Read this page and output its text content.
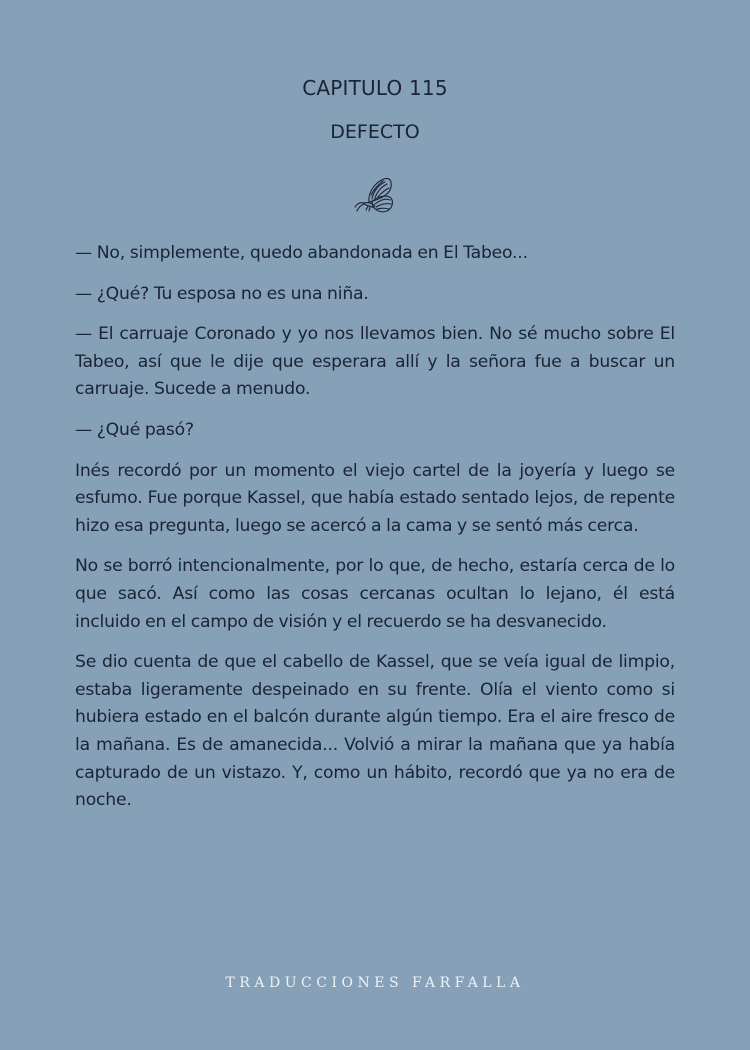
CAPITULO 115
DEFECTO

— No, simplemente, quedo abandonada en El Tabeo...

— ¿Qué? Tu esposa no es una niña.

— El carruaje Coronado y yo nos llevamos bien. No sé mucho sobre El Tabeo, así que le dije que esperara allí y la señora fue a buscar un carruaje. Sucede a menudo.

— ¿Qué pasó?

Inés recordó por un momento el viejo cartel de la joyería y luego se esfumo. Fue porque Kassel, que había estado sentado lejos, de repente hizo esa pregunta, luego se acercó a la cama y se sentó más cerca.

No se borró intencionalmente, por lo que, de hecho, estaría cerca de lo que sacó. Así como las cosas cercanas ocultan lo lejano, él está incluido en el campo de visión y el recuerdo se ha desvanecido.

Se dio cuenta de que el cabello de Kassel, que se veía igual de limpio, estaba ligeramente despeinado en su frente. Olía el viento como si hubiera estado en el balcón durante algún tiempo. Era el aire fresco de la mañana. Es de amanecida... Volvió a mirar la mañana que ya había capturado de un vistazo. Y, como un hábito, recordó que ya no era de noche.

TRADUCCIONES FARFALLA
